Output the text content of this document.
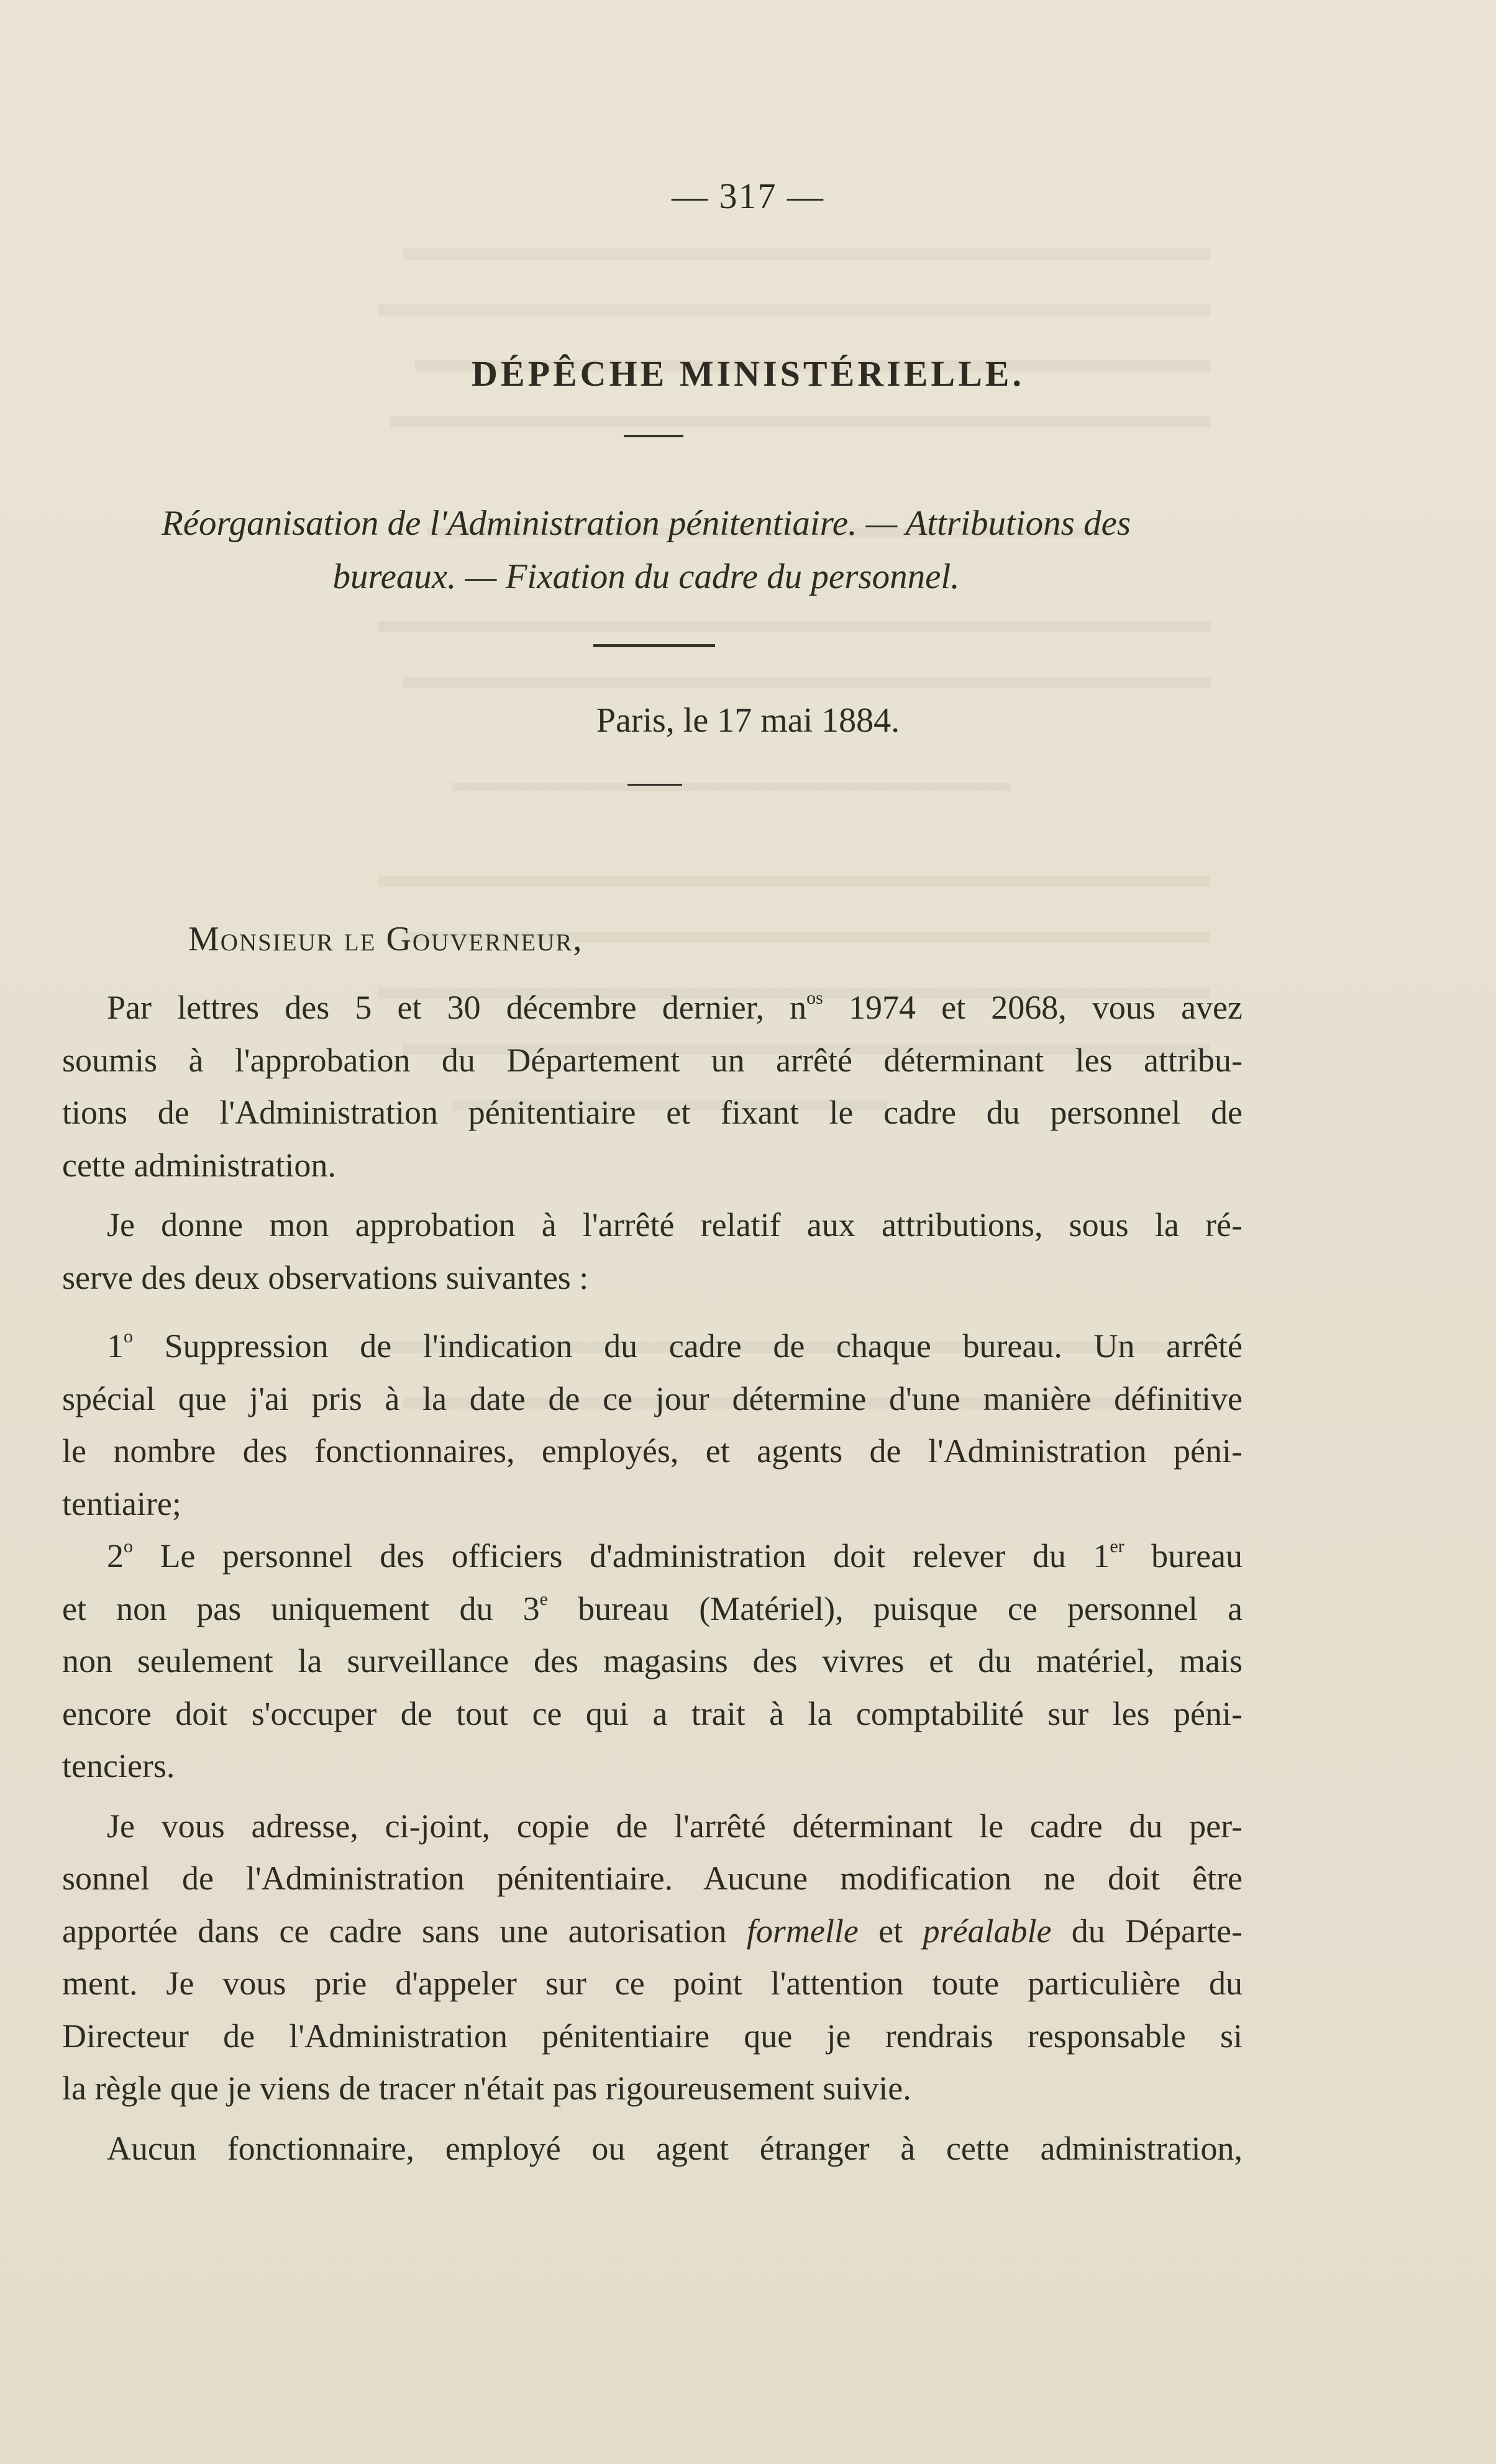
— 317 —
DÉPÊCHE MINISTÉRIELLE.
Réorganisation de l'Administration pénitentiaire. — Attributions des
bureaux. — Fixation du cadre du personnel.
Paris, le 17 mai 1884.
Monsieur le Gouverneur,
Par lettres des 5 et 30 décembre dernier, $n^{os}$ 1974 et 2068, vous avez
soumis à l'approbation du Département un arrêté déterminant les attribu-
tions de l'Administration pénitentiaire et fixant le cadre du personnel de
cette administration.
Je donne mon approbation à l'arrêté relatif aux attributions, sous la ré-
serve des deux observations suivantes :
1$^o$ Suppression de l'indication du cadre de chaque bureau. Un arrêté
spécial que j'ai pris à la date de ce jour détermine d'une manière définitive
le nombre des fonctionnaires, employés, et agents de l'Administration péni-
tentiaire;
2$^o$ Le personnel des officiers d'administration doit relever du 1er bureau
et non pas uniquement du 3e bureau (Matériel), puisque ce personnel a
non seulement la surveillance des magasins des vivres et du matériel, mais
encore doit s'occuper de tout ce qui a trait à la comptabilité sur les péni-
tenciers.
Je vous adresse, ci-joint, copie de l'arrêté déterminant le cadre du per-
sonnel de l'Administration pénitentiaire. Aucune modification ne doit être
apportée dans ce cadre sans une autorisation formelle et préalable du Départe-
ment. Je vous prie d'appeler sur ce point l'attention toute particulière du
Directeur de l'Administration pénitentiaire que je rendrais responsable si
la règle que je viens de tracer n'était pas rigoureusement suivie.
Aucun fonctionnaire, employé ou agent étranger à cette administration,
